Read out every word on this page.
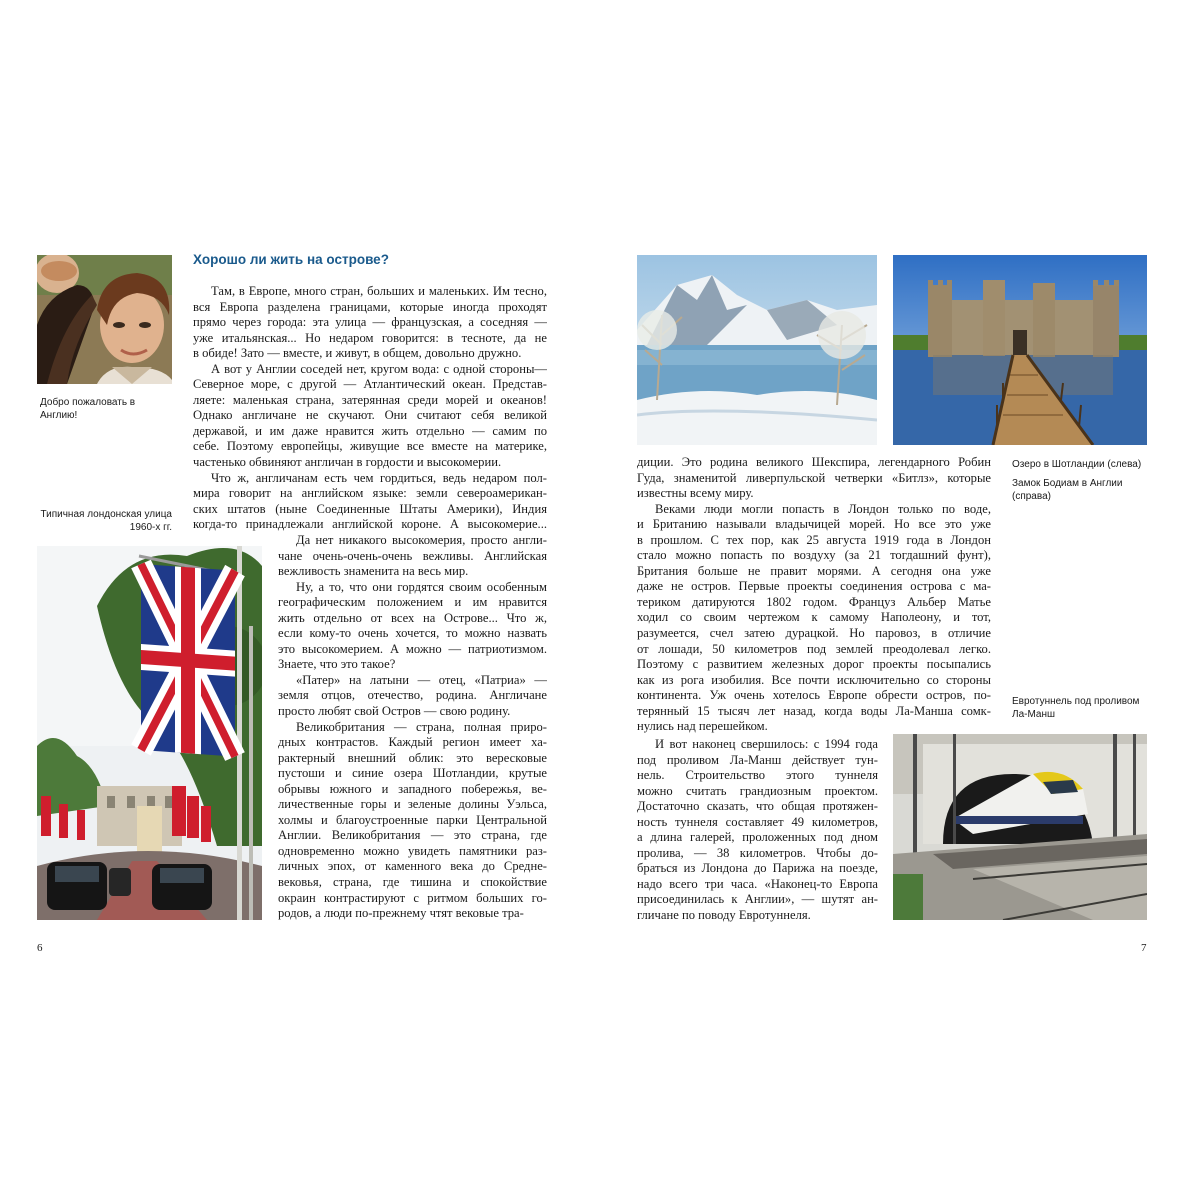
Добро пожаловать в Англию!
Типичная лондонская улица
1960-х гг.
Хорошо ли жить на острове?
Там, в Европе, много стран, больших и маленьких. Им тесно,
вся Европа разделена границами, которые иногда проходят
прямо через города: эта улица — французская, а соседняя —
уже итальянская... Но недаром говорится: в тесноте, да не
в обиде! Зато — вместе, и живут, в общем, довольно дружно.
А вот у Англии соседей нет, кругом вода: с одной стороны—
Северное море, с другой — Атлантический океан. Представ-
ляете: маленькая страна, затерянная среди морей и океанов!
Однако англичане не скучают. Они считают себя великой
державой, и им даже нравится жить отдельно — самим по
себе. Поэтому европейцы, живущие все вместе на материке,
частенько обвиняют англичан в гордости и высокомерии.
Что ж, англичанам есть чем гордиться, ведь недаром пол-
мира говорит на английском языке: земли североамерикан-
ских штатов (ныне Соединенные Штаты Америки), Индия
когда-то принадлежали английской короне. А высокомерие...
Да нет никакого высокомерия, просто англи-
чане очень-очень-очень вежливы. Английская
вежливость знаменита на весь мир.
Ну, а то, что они гордятся своим особенным
географическим положением и им нравится
жить отдельно от всех на Острове... Что ж,
если кому-то очень хочется, то можно назвать
это высокомерием. А можно — патриотизмом.
Знаете, что это такое?
«Патер» на латыни — отец, «Патриа» —
земля отцов, отечество, родина. Англичане
просто любят свой Остров — свою родину.
Великобритания — страна, полная приро-
дных контрастов. Каждый регион имеет ха-
рактерный внешний облик: это вересковые
пустоши и синие озера Шотландии, крутые
обрывы южного и западного побережья, ве-
личественные горы и зеленые долины Уэльса,
холмы и благоустроенные парки Центральной
Англии. Великобритания — это страна, где
одновременно можно увидеть памятники раз-
личных эпох, от каменного века до Средне-
вековья, страна, где тишина и спокойствие
окраин контрастируют с ритмом больших го-
родов, а люди по-прежнему чтят вековые тра-
6
Озеро в Шотландии (слева)
Замок Бодиам в Англии
(справа)
Евротуннель под проливом
Ла-Манш
диции. Это родина великого Шекспира, легендарного Робин
Гуда, знаменитой ливерпульской четверки «Битлз», которые
известны всему миру.
Веками люди могли попасть в Лондон только по воде,
и Британию называли владычицей морей. Но все это уже
в прошлом. С тех пор, как 25 августа 1919 года в Лондон
стало можно попасть по воздуху (за 21 тогдашний фунт),
Британия больше не правит морями. А сегодня она уже
даже не остров. Первые проекты соединения острова с ма-
териком датируются 1802 годом. Француз Альбер Матье
ходил со своим чертежом к самому Наполеону, и тот,
разумеется, счел затею дурацкой. Но паровоз, в отличие
от лошади, 50 километров под землей преодолевал легко.
Поэтому с развитием железных дорог проекты посыпались
как из рога изобилия. Все почти исключительно со стороны
континента. Уж очень хотелось Европе обрести остров, по-
терянный 15 тысяч лет назад, когда воды Ла-Манша сомк-
нулись над перешейком.
И вот наконец свершилось: с 1994 года
под проливом Ла-Манш действует тун-
нель. Строительство этого туннеля
можно считать грандиозным проектом.
Достаточно сказать, что общая протяжен-
ность туннеля составляет 49 километров,
а длина галерей, проложенных под дном
пролива, — 38 километров. Чтобы до-
браться из Лондона до Парижа на поезде,
надо всего три часа. «Наконец-то Европа
присоединилась к Англии», — шутят ан-
гличане по поводу Евротуннеля.
7
